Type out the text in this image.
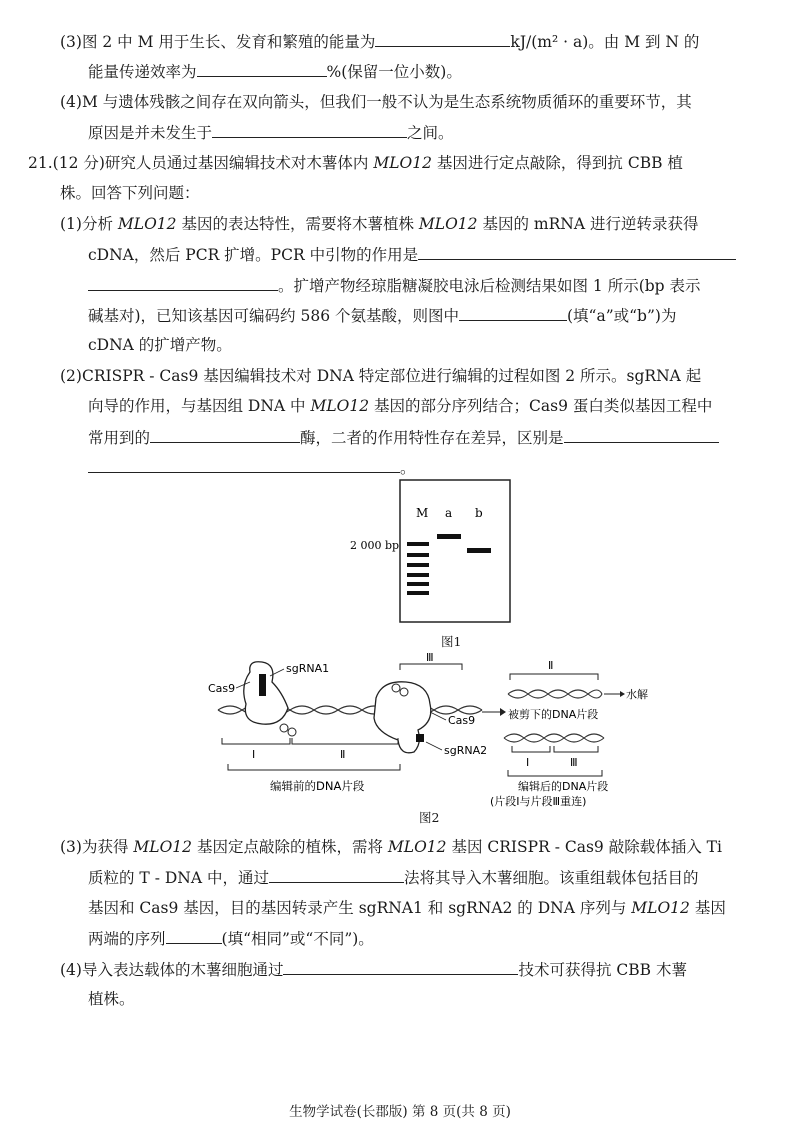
(3)图 2 中 M 用于生长、发育和繁殖的能量为	kJ/(m² · a)。由 M 到 N 的
能量传递效率为	%(保留一位小数)。
(4)M 与遗体残骸之间存在双向箭头，但我们一般不认为是生态系统物质循环的重要环节，其
原因是并未发生于	之间。
21.(12 分)研究人员通过基因编辑技术对木薯体内 MLO12 基因进行定点敲除，得到抗 CBB 植
株。回答下列问题：
(1)分析 MLO12 基因的表达特性，需要将木薯植株 MLO12 基因的 mRNA 进行逆转录获得
cDNA，然后 PCR 扩增。PCR 中引物的作用是
。扩增产物经琼脂糖凝胶电泳后检测结果如图 1 所示(bp 表示
碱基对)，已知该基因可编码约 586 个氨基酸，则图中	(填“a”或“b”)为
cDNA 的扩增产物。
(2)CRISPR - Cas9 基因编辑技术对 DNA 特定部位进行编辑的过程如图 2 所示。sgRNA 起
向导的作用，与基因组 DNA 中 MLO12 基因的部分序列结合；Cas9 蛋白类似基因工程中
常用到的	酶，二者的作用特性存在差异，区别是
。
M a b
2 000 bp
图1
Cas9
sgRNA1
Cas9
sgRNA2
Ⅲ
Ⅰ	Ⅱ
编辑前的DNA片段
Ⅱ
水解
被剪下的DNA片段
Ⅰ	Ⅲ
编辑后的DNA片段
(片段Ⅰ与片段Ⅲ重连)
图2
(3)为获得 MLO12 基因定点敲除的植株，需将 MLO12 基因 CRISPR - Cas9 敲除载体插入 Ti
质粒的 T - DNA 中，通过	法将其导入木薯细胞。该重组载体包括目的
基因和 Cas9 基因，目的基因转录产生 sgRNA1 和 sgRNA2 的 DNA 序列与 MLO12 基因
两端的序列	(填“相同”或“不同”)。
(4)导入表达载体的木薯细胞通过	技术可获得抗 CBB 木薯
植株。
生物学试卷(长郡版) 第 8 页(共 8 页)
